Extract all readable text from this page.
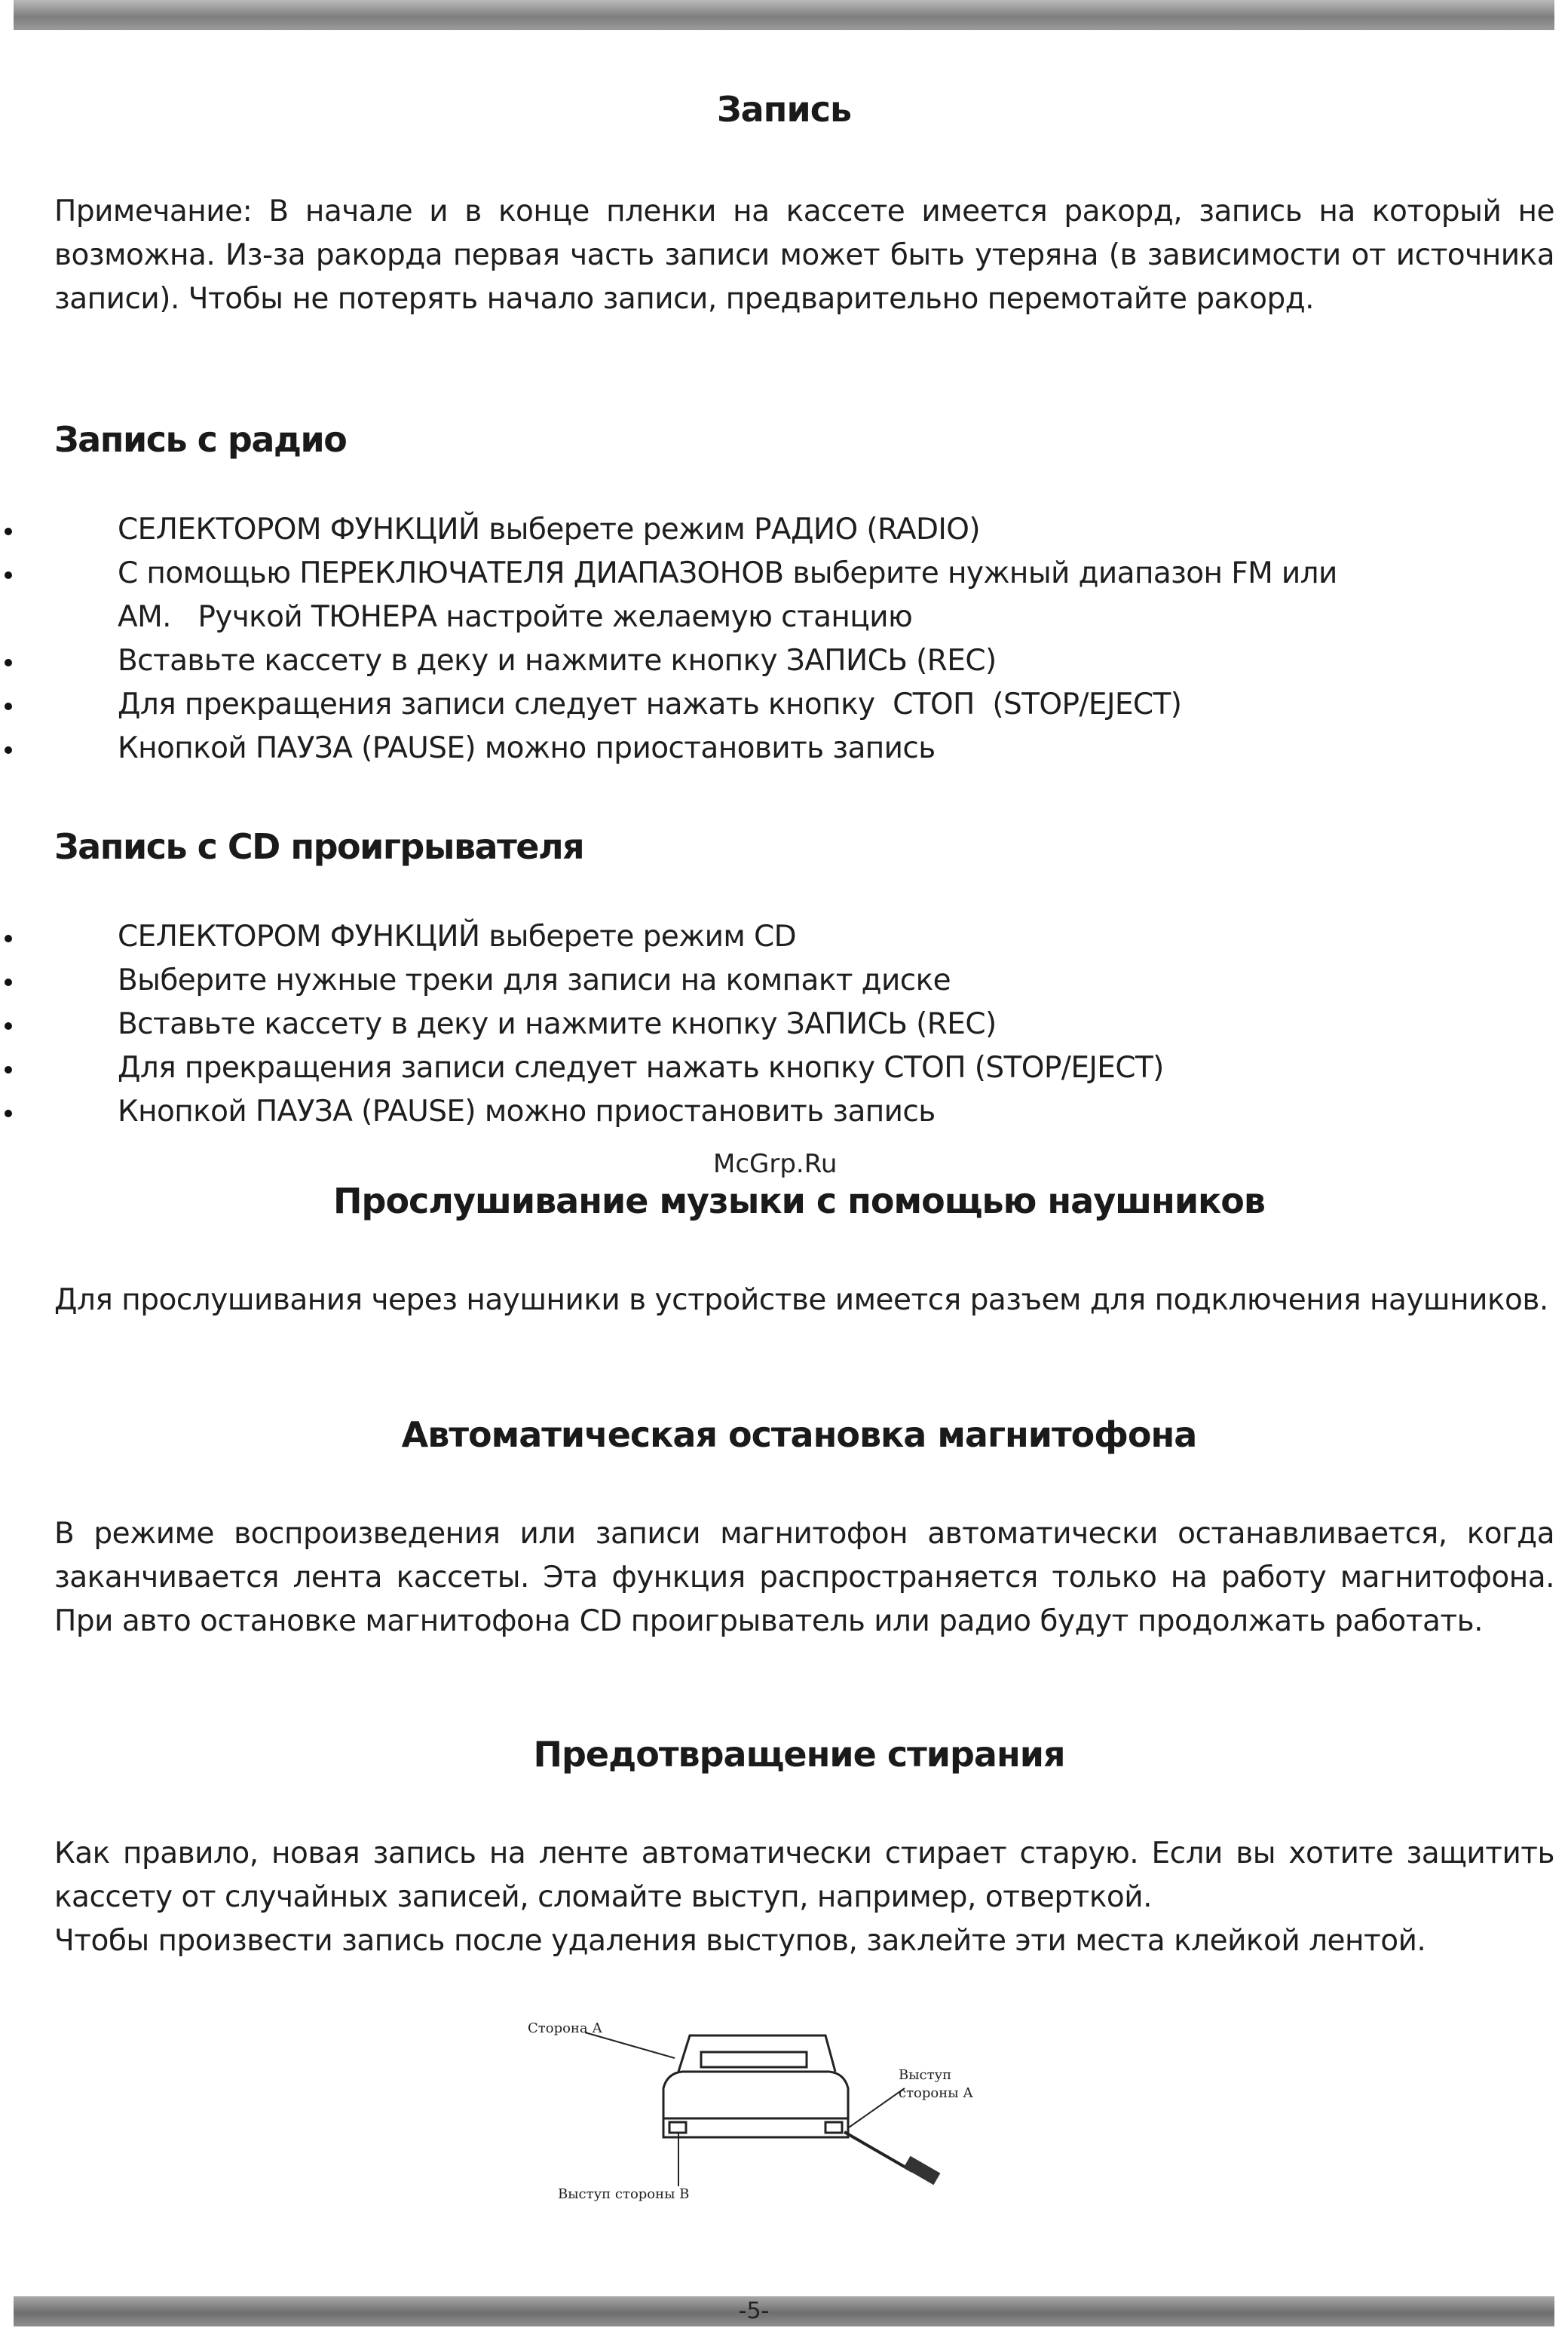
Запись
Примечание: В начале и в конце пленки на кассете имеется ракорд, запись на который не возможна. Из-за ракорда первая часть записи может быть утеряна (в зависимости от источника записи). Чтобы не потерять начало записи, предварительно перемотайте ракорд.
Запись с радио
СЕЛЕКТОРОМ ФУНКЦИЙ выберете режим РАДИО (RADIO)
С помощью ПЕРЕКЛЮЧАТЕЛЯ ДИАПАЗОНОВ выберите нужный диапазон FM или
AM.   Ручкой ТЮНЕРА настройте желаемую станцию
Вставьте кассету в деку и нажмите кнопку ЗАПИСЬ (REC)
Для прекращения записи следует нажать кнопку  СТОП  (STOP/EJECT)
Кнопкой ПАУЗА (PAUSE) можно приостановить запись
Запись с CD проигрывателя
СЕЛЕКТОРОМ ФУНКЦИЙ выберете режим CD
Выберите нужные треки для записи на компакт диске
Вставьте кассету в деку и нажмите кнопку ЗАПИСЬ (REC)
Для прекращения записи следует нажать кнопку СТОП (STOP/EJECT)
Кнопкой ПАУЗА (PAUSE) можно приостановить запись
McGrp.Ru
Прослушивание музыки с помощью наушников
Для прослушивания через наушники в устройстве имеется разъем для подключения наушников.
Автоматическая остановка магнитофона
В режиме воспроизведения или записи магнитофон автоматически останавливается, когда заканчивается лента кассеты. Эта функция распространяется только на работу магнитофона. При авто остановке магнитофона CD проигрыватель или радио будут продолжать работать.
Предотвращение стирания
Как правило, новая запись на ленте автоматически стирает старую. Если вы хотите защитить кассету от случайных записей, сломайте выступ, например, отверткой.
Чтобы произвести запись после удаления выступов, заклейте эти места клейкой лентой.
Сторона А
Выступ
стороны А
Выступ стороны В
-5-
